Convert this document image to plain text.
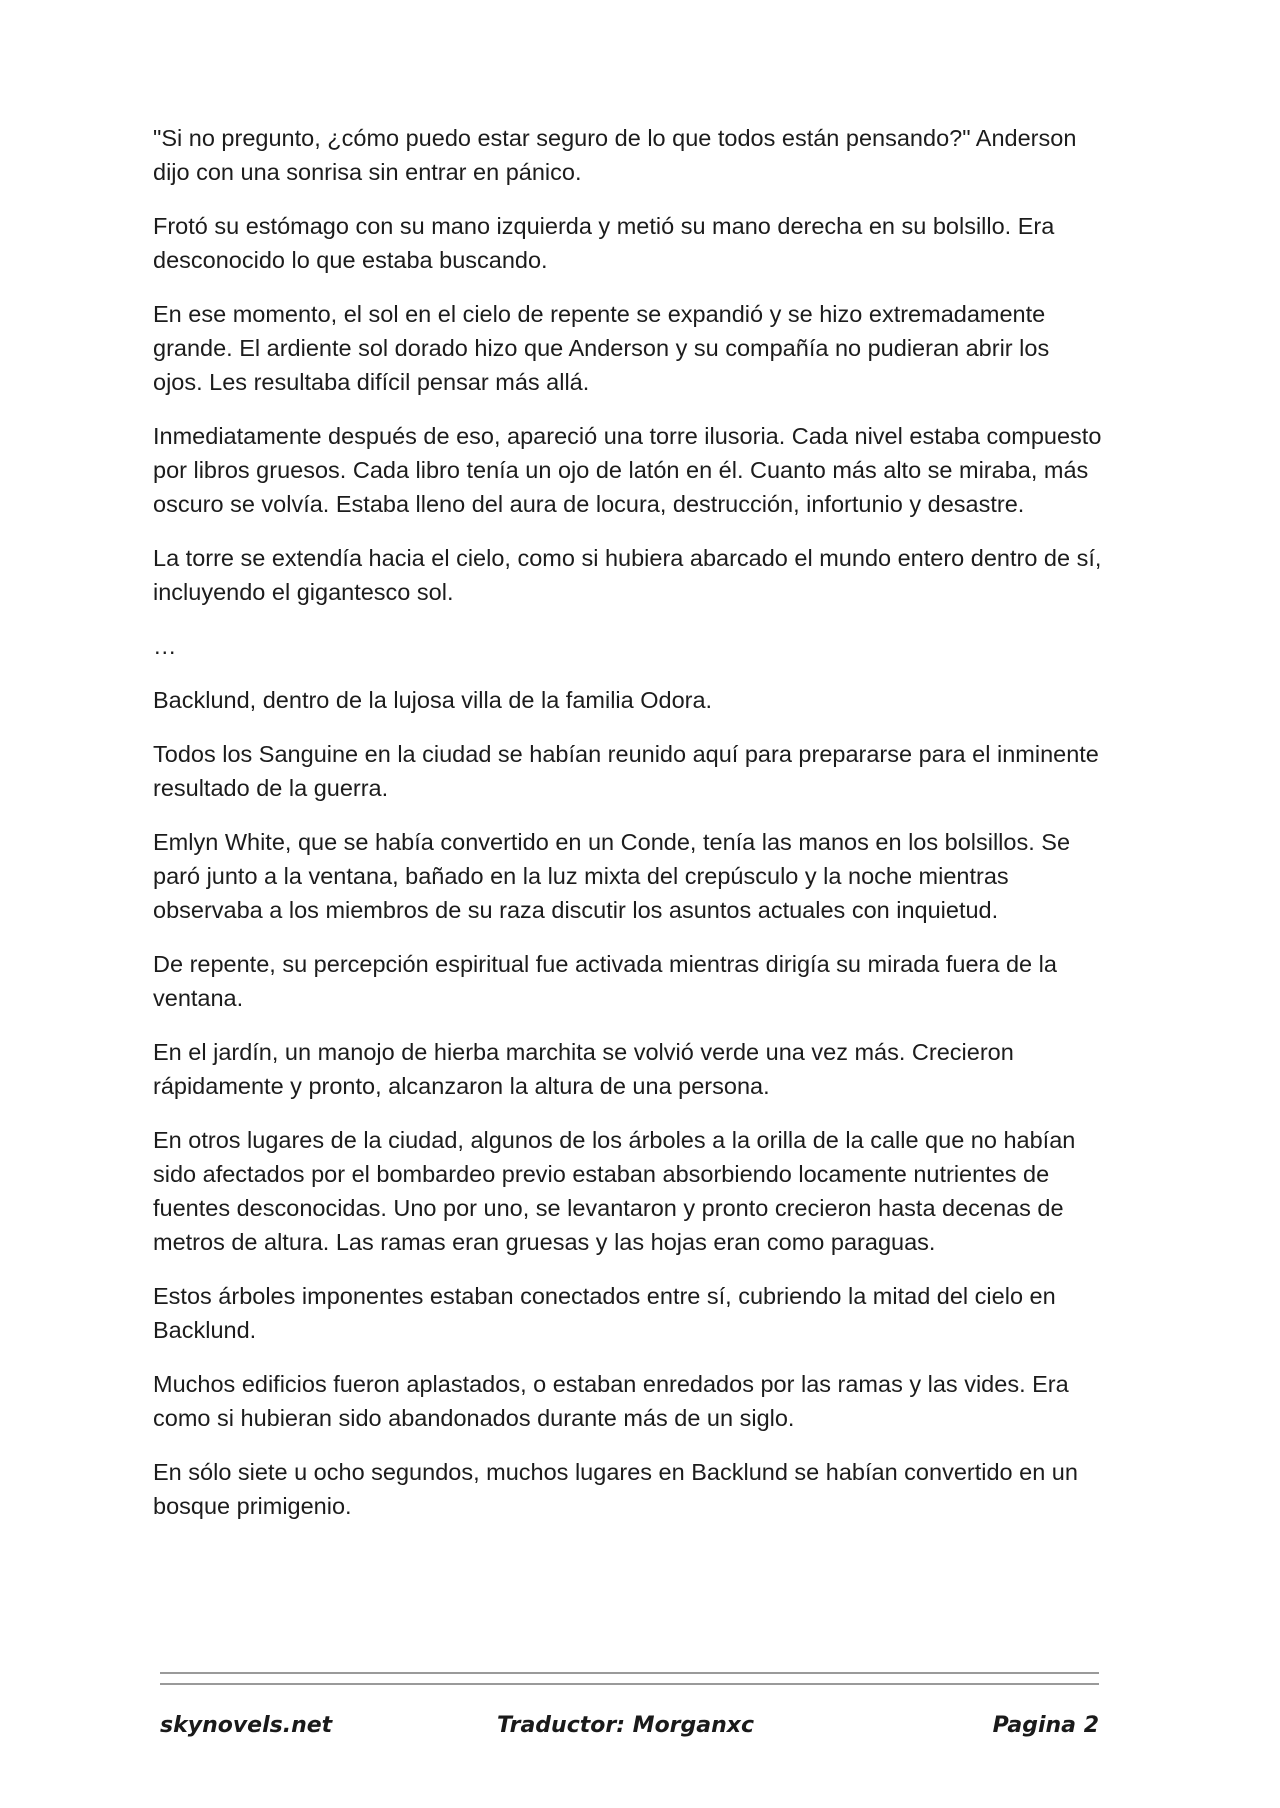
"Si no pregunto, ¿cómo puedo estar seguro de lo que todos están pensando?" Anderson dijo con una sonrisa sin entrar en pánico.

Frotó su estómago con su mano izquierda y metió su mano derecha en su bolsillo. Era desconocido lo que estaba buscando.

En ese momento, el sol en el cielo de repente se expandió y se hizo extremadamente grande. El ardiente sol dorado hizo que Anderson y su compañía no pudieran abrir los ojos. Les resultaba difícil pensar más allá.

Inmediatamente después de eso, apareció una torre ilusoria. Cada nivel estaba compuesto por libros gruesos. Cada libro tenía un ojo de latón en él. Cuanto más alto se miraba, más oscuro se volvía. Estaba lleno del aura de locura, destrucción, infortunio y desastre.

La torre se extendía hacia el cielo, como si hubiera abarcado el mundo entero dentro de sí, incluyendo el gigantesco sol.

…

Backlund, dentro de la lujosa villa de la familia Odora.

Todos los Sanguine en la ciudad se habían reunido aquí para prepararse para el inminente resultado de la guerra.

Emlyn White, que se había convertido en un Conde, tenía las manos en los bolsillos. Se paró junto a la ventana, bañado en la luz mixta del crepúsculo y la noche mientras observaba a los miembros de su raza discutir los asuntos actuales con inquietud.

De repente, su percepción espiritual fue activada mientras dirigía su mirada fuera de la ventana.

En el jardín, un manojo de hierba marchita se volvió verde una vez más. Crecieron rápidamente y pronto, alcanzaron la altura de una persona.

En otros lugares de la ciudad, algunos de los árboles a la orilla de la calle que no habían sido afectados por el bombardeo previo estaban absorbiendo locamente nutrientes de fuentes desconocidas. Uno por uno, se levantaron y pronto crecieron hasta decenas de metros de altura. Las ramas eran gruesas y las hojas eran como paraguas.

Estos árboles imponentes estaban conectados entre sí, cubriendo la mitad del cielo en Backlund.

Muchos edificios fueron aplastados, o estaban enredados por las ramas y las vides. Era como si hubieran sido abandonados durante más de un siglo.

En sólo siete u ocho segundos, muchos lugares en Backlund se habían convertido en un bosque primigenio.

skynovels.net	Traductor: Morganxc	Pagina 2
